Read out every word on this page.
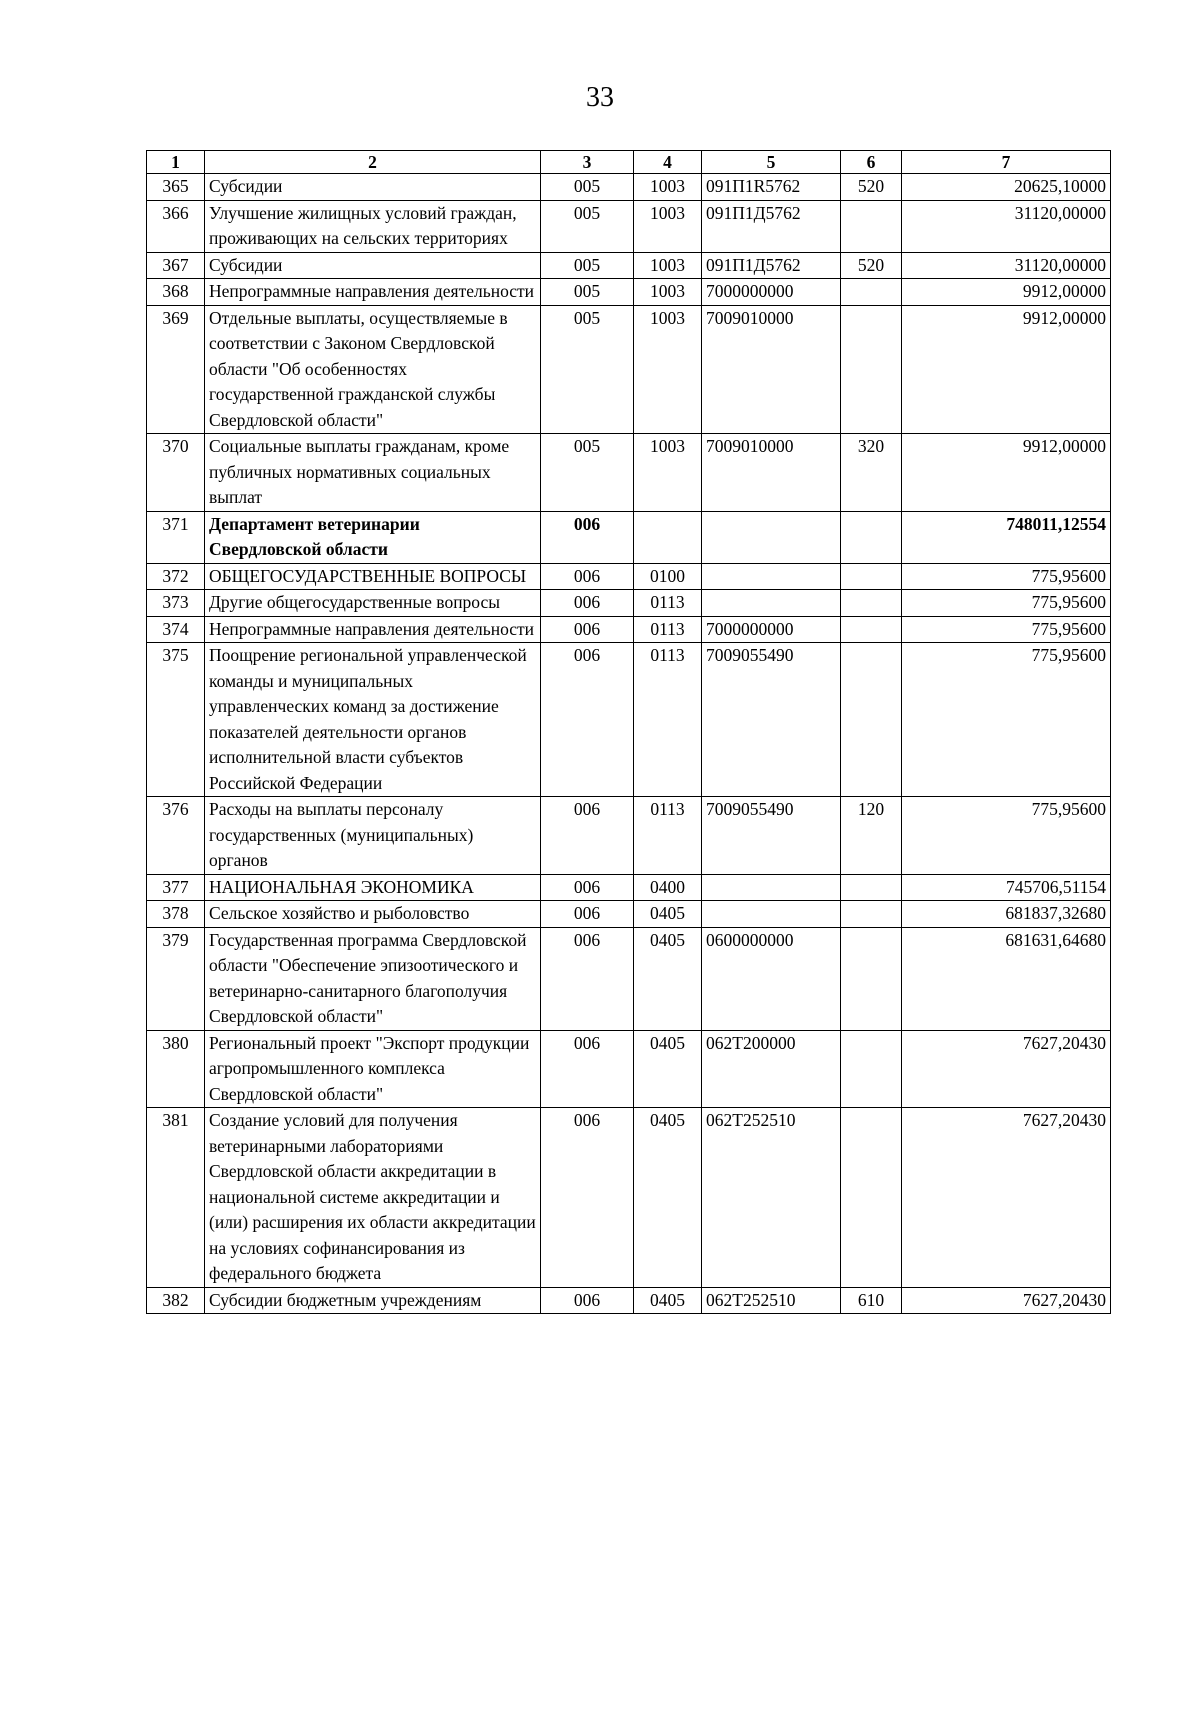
33
1	2	3	4	5	6	7
365	Субсидии	005	1003	091П1R5762	520	20625,10000
366	Улучшение жилищных условий граждан, проживающих на сельских территориях	005	1003	091П1Д5762		31120,00000
367	Субсидии	005	1003	091П1Д5762	520	31120,00000
368	Непрограммные направления деятельности	005	1003	7000000000		9912,00000
369	Отдельные выплаты, осуществляемые в соответствии с Законом Свердловской области "Об особенностях государственной гражданской службы Свердловской области"	005	1003	7009010000		9912,00000
370	Социальные выплаты гражданам, кроме публичных нормативных социальных выплат	005	1003	7009010000	320	9912,00000
371	Департамент ветеринарии Свердловской области	006				748011,12554
372	ОБЩЕГОСУДАРСТВЕННЫЕ ВОПРОСЫ	006	0100			775,95600
373	Другие общегосударственные вопросы	006	0113			775,95600
374	Непрограммные направления деятельности	006	0113	7000000000		775,95600
375	Поощрение региональной управленческой команды и муниципальных управленческих команд за достижение показателей деятельности органов исполнительной власти субъектов Российской Федерации	006	0113	7009055490		775,95600
376	Расходы на выплаты персоналу государственных (муниципальных) органов	006	0113	7009055490	120	775,95600
377	НАЦИОНАЛЬНАЯ ЭКОНОМИКА	006	0400			745706,51154
378	Сельское хозяйство и рыболовство	006	0405			681837,32680
379	Государственная программа Свердловской области "Обеспечение эпизоотического и ветеринарно-санитарного благополучия Свердловской области"	006	0405	0600000000		681631,64680
380	Региональный проект "Экспорт продукции агропромышленного комплекса Свердловской области"	006	0405	062Т200000		7627,20430
381	Создание условий для получения ветеринарными лабораториями Свердловской области аккредитации в национальной системе аккредитации и (или) расширения их области аккредитации на условиях софинансирования из федерального бюджета	006	0405	062Т252510		7627,20430
382	Субсидии бюджетным учреждениям	006	0405	062Т252510	610	7627,20430
